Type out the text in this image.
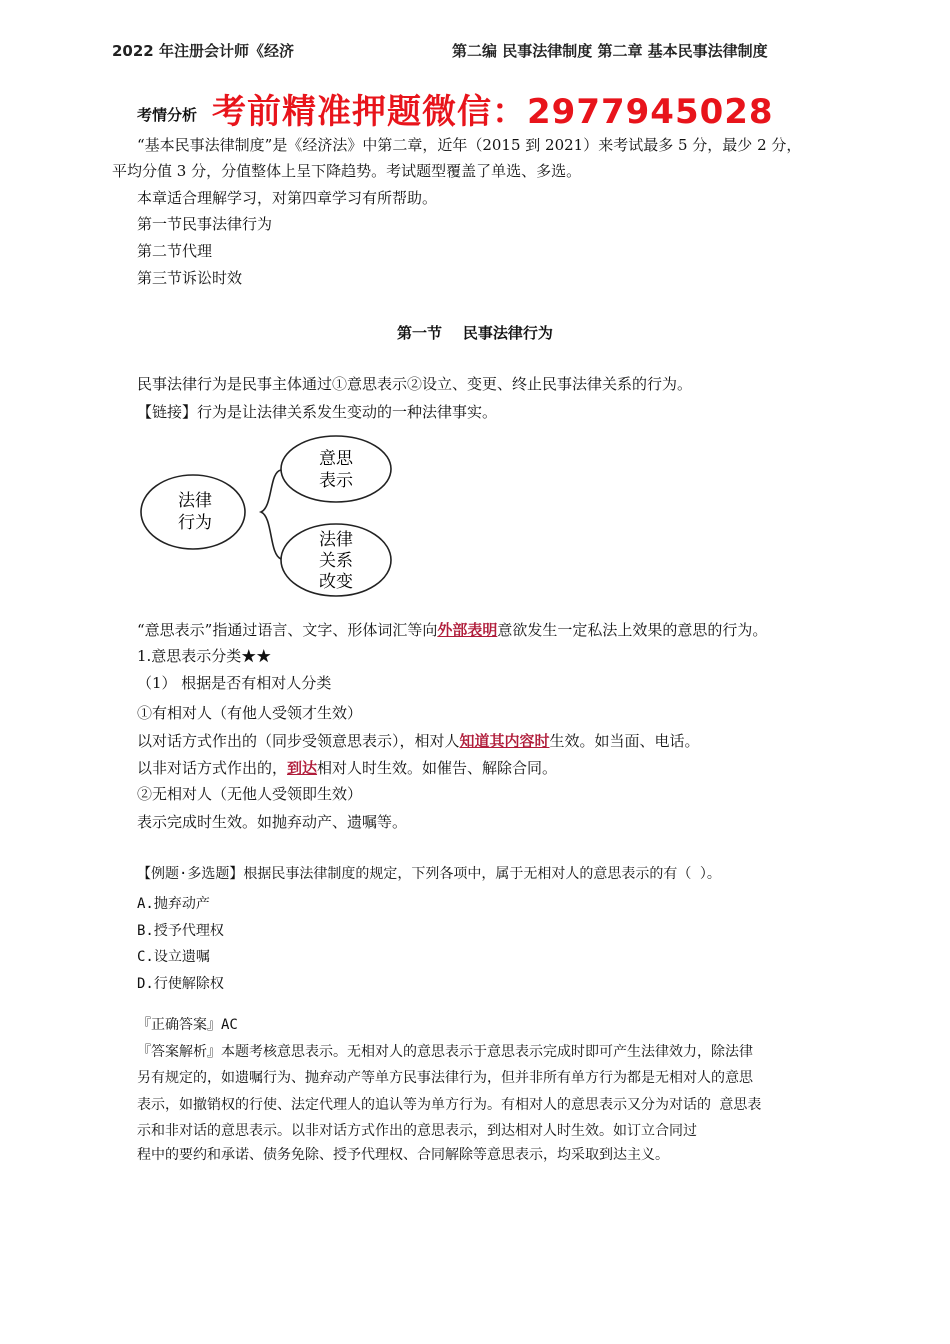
2022 年注册会计师《经济	第二编 民事法律制度 第二章 基本民事法律制度
考情分析 考前精准押题微信：2977945028
“基本民事法律制度”是《经济法》中第二章，近年（2015 到 2021）来考试最多 5 分，最少 2 分，
平均分值 3 分，分值整体上呈下降趋势。考试题型覆盖了单选、多选。
本章适合理解学习，对第四章学习有所帮助。
第一节民事法律行为
第二节代理
第三节诉讼时效
第一节    民事法律行为
民事法律行为是民事主体通过①意思表示②设立、变更、终止民事法律关系的行为。
【链接】行为是让法律关系发生变动的一种法律事实。
法律
行为
意思
表示
法律
关系
改变
“意思表示”指通过语言、文字、形体词汇等向外部表明意欲发生一定私法上效果的意思的行为。
1.意思表示分类★★
（1） 根据是否有相对人分类
①有相对人（有他人受领才生效）
以对话方式作出的（同步受领意思表示），相对人知道其内容时生效。如当面、电话。
以非对话方式作出的，到达相对人时生效。如催告、解除合同。
②无相对人（无他人受领即生效）
表示完成时生效。如抛弃动产、遗嘱等。
【例题·多选题】根据民事法律制度的规定，下列各项中，属于无相对人的意思表示的有（ ）。
A.抛弃动产
B.授予代理权
C.设立遗嘱
D.行使解除权
『正确答案』AC
『答案解析』本题考核意思表示。无相对人的意思表示于意思表示完成时即可产生法律效力，除法律
另有规定的，如遗嘱行为、抛弃动产等单方民事法律行为，但并非所有单方行为都是无相对人的意思
表示，如撤销权的行使、法定代理人的追认等为单方行为。有相对人的意思表示又分为对话的 意思表
示和非对话的意思表示。以非对话方式作出的意思表示，到达相对人时生效。如订立合同过
程中的要约和承诺、债务免除、授予代理权、合同解除等意思表示，均采取到达主义。
